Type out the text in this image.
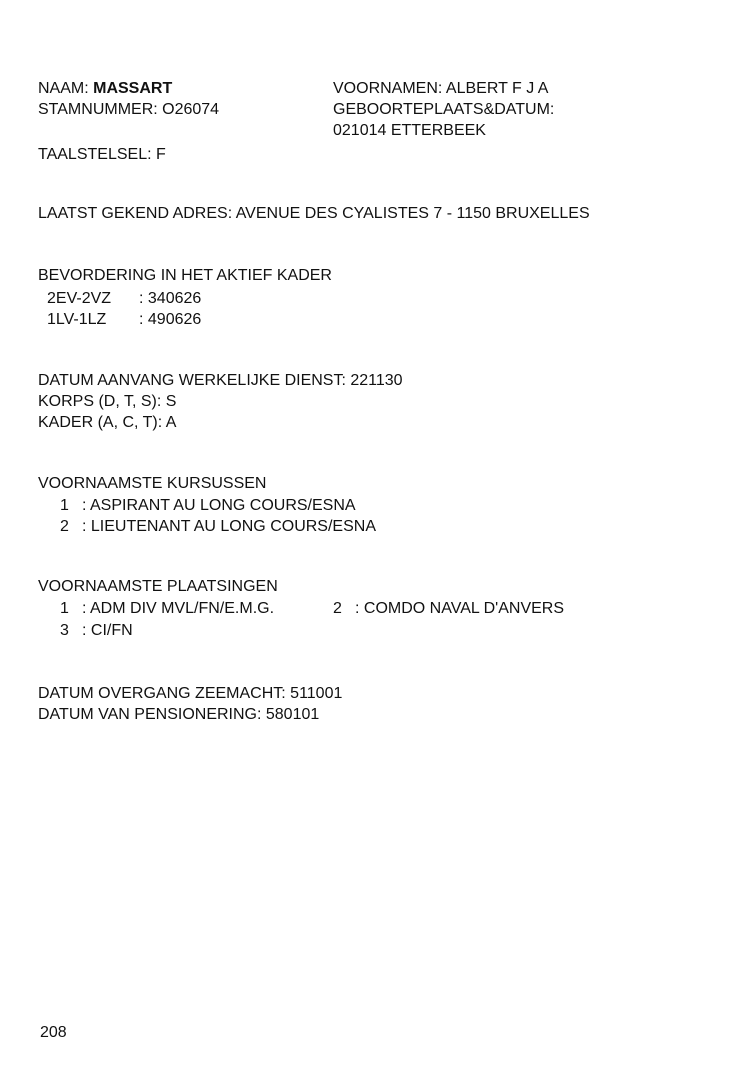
NAAM: MASSART
STAMNUMMER: O26074
TAALSTELSEL: F
VOORNAMEN: ALBERT F J A
GEBOORTEPLAATS&DATUM:
021014 ETTERBEEK
LAATST GEKEND ADRES: AVENUE DES CYALISTES 7 - 1150 BRUXELLES
BEVORDERING IN HET AKTIEF KADER
2EV-2VZ : 340626
1LV-1LZ : 490626
DATUM AANVANG WERKELIJKE DIENST: 221130
KORPS (D, T, S): S
KADER (A, C, T): A
VOORNAAMSTE KURSUSSEN
1 : ASPIRANT AU LONG COURS/ESNA
2 : LIEUTENANT AU LONG COURS/ESNA
VOORNAAMSTE PLAATSINGEN
1 : ADM DIV MVL/FN/E.M.G.	2 : COMDO NAVAL D'ANVERS
3 : CI/FN
DATUM OVERGANG ZEEMACHT: 511001
DATUM VAN PENSIONERING: 580101
208
